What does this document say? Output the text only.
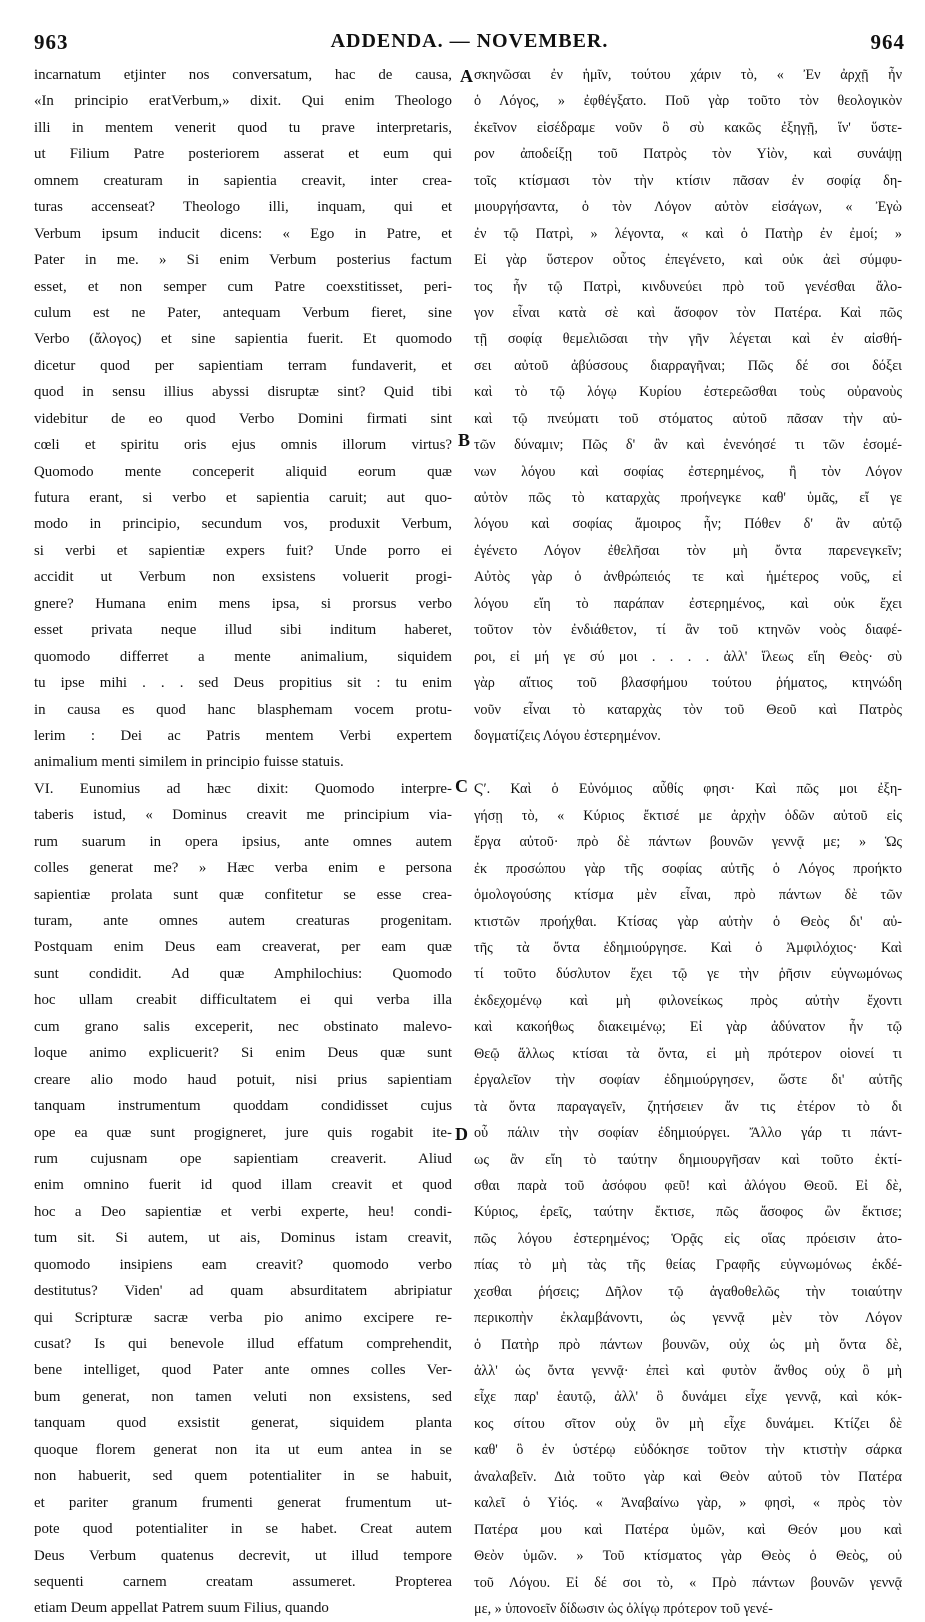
963	ADDENDA. — NOVEMBER.	964
incarnatum etjinter nos conversatum, hac de causa,
«In principio eratVerbum,» dixit. Qui enim Theologo
illi in mentem venerit quod tu prave interpretaris,
ut Filium Patre posteriorem asserat et eum qui
omnem creaturam in sapientia creavit, inter crea-
turas accenseat? Theologo illi, inquam, qui et
Verbum ipsum inducit dicens: « Ego in Patre, et
Pater in me. » Si enim Verbum posterius factum
esset, et non semper cum Patre coexstitisset, peri-
culum est ne Pater, antequam Verbum fieret, sine
Verbo (ἄλογος) et sine sapientia fuerit. Et quomodo
dicetur quod per sapientiam terram fundaverit, et
quod in sensu illius abyssi disruptæ sint? Quid tibi
videbitur de eo quod Verbo Domini firmati sint
cœli et spiritu oris ejus omnis illorum virtus?
Quomodo mente conceperit aliquid eorum quæ
futura erant, si verbo et sapientia caruit; aut quo-
modo in principio, secundum vos, produxit Verbum,
si verbi et sapientiæ expers fuit? Unde porro ei
accidit ut Verbum non exsistens voluerit progi-
gnere? Humana enim mens ipsa, si prorsus verbo
esset privata neque illud sibi inditum haberet,
quomodo differret a mente animalium, siquidem
tu ipse mihi . . . sed Deus propitius sit : tu enim
in causa es quod hanc blasphemam vocem protu-
lerim : Dei ac Patris mentem Verbi expertem
animalium menti similem in principio fuisse statuis.
VI. Eunomius ad hæc dixit: Quomodo interpre-
taberis istud, « Dominus creavit me principium via-
rum suarum in opera ipsius, ante omnes autem
colles generat me? » Hæc verba enim e persona
sapientiæ prolata sunt quæ confitetur se esse crea-
turam, ante omnes autem creaturas progenitam.
Postquam enim Deus eam creaverat, per eam quæ
sunt condidit. Ad quæ Amphilochius: Quomodo
hoc ullam creabit difficultatem ei qui verba illa
cum grano salis exceperit, nec obstinato malevo-
loque animo explicuerit? Si enim Deus quæ sunt
creare alio modo haud potuit, nisi prius sapientiam
tanquam instrumentum quoddam condidisset cujus
ope ea quæ sunt progigneret, jure quis rogabit ite-
rum cujusnam ope sapientiam creaverit. Aliud
enim omnino fuerit id quod illam creavit et quod
hoc a Deo sapientiæ et verbi experte, heu! condi-
tum sit. Si autem, ut ais, Dominus istam creavit,
quomodo insipiens eam creavit? quomodo verbo
destitutus? Viden' ad quam absurditatem abripiatur
qui Scripturæ sacræ verba pio animo excipere re-
cusat? Is qui benevole illud effatum comprehendit,
bene intelliget, quod Pater ante omnes colles Ver-
bum generat, non tamen veluti non exsistens, sed
tanquam quod exsistit generat, siquidem planta
quoque florem generat non ita ut eum antea in se
non habuerit, sed quem potentialiter in se habuit,
et pariter granum frumenti generat frumentum ut-
pote quod potentialiter in se habet. Creat autem
Deus Verbum quatenus decrevit, ut illud tempore
sequenti carnem creatam assumeret. Propterea
etiam Deum appellat Patrem suum Filius, quando
σκηνῶσαι ἐν ἡμῖν, τούτου χάριν τὸ, « Ἐν ἀρχῇ ἦν
ὁ Λόγος, » ἐφθέγξατο. Ποῦ γὰρ τοῦτο τὸν θεολογικὸν
ἐκεῖνον εἰσέδραμε νοῦν ὃ σὺ κακῶς ἐξηγῇ, ἵν' ὕστε-
ρον ἀποδείξῃ τοῦ Πατρὸς τὸν Υἱὸν, καὶ συνάψῃ
τοῖς κτίσμασι τὸν τὴν κτίσιν πᾶσαν ἐν σοφίᾳ δη-
μιουργήσαντα, ὁ τὸν Λόγον αὐτὸν εἰσάγων, « Ἐγὼ
ἐν τῷ Πατρὶ, » λέγοντα, « καὶ ὁ Πατὴρ ἐν ἐμοί; »
Εἰ γὰρ ὕστερον οὗτος ἐπεγένετο, καὶ οὐκ ἀεὶ σύμφυ-
τος ἦν τῷ Πατρὶ, κινδυνεύει πρὸ τοῦ γενέσθαι ἄλο-
γον εἶναι κατὰ σὲ καὶ ἄσοφον τὸν Πατέρα. Καὶ πῶς
τῇ σοφίᾳ θεμελιῶσαι τὴν γῆν λέγεται καὶ ἐν αἰσθή-
σει αὐτοῦ ἀβύσσους διαρραγῆναι; Πῶς δέ σοι δόξει
καὶ τὸ τῷ λόγῳ Κυρίου ἐστερεῶσθαι τοὺς οὐρανοὺς
καὶ τῷ πνεύματι τοῦ στόματος αὐτοῦ πᾶσαν τὴν αὐ-
τῶν δύναμιν; Πῶς δ' ἂν καὶ ἐνενόησέ τι τῶν ἐσομέ-
νων λόγου καὶ σοφίας ἐστερημένος, ἢ τὸν Λόγον
αὐτὸν πῶς τὸ καταρχὰς προήνεγκε καθ' ὑμᾶς, εἴ γε
λόγου καὶ σοφίας ἄμοιρος ἦν; Πόθεν δ' ἂν αὐτῷ
ἐγένετο Λόγον ἐθελῆσαι τὸν μὴ ὄντα παρενεγκεῖν;
Αὐτὸς γὰρ ὁ ἀνθρώπειός τε καὶ ἡμέτερος νοῦς, εἰ
λόγου εἴη τὸ παράπαν ἐστερημένος, καὶ οὐκ ἔχει
τοῦτον τὸν ἐνδιάθετον, τί ἂν τοῦ κτηνῶν νοὸς διαφέ-
ροι, εἰ μή γε σύ μοι . . . . ἀλλ' ἵλεως εἴη Θεὸς· σὺ
γὰρ αἴτιος τοῦ βλασφήμου τούτου ῥήματος, κτηνώδη
νοῦν εἶναι τὸ καταρχὰς τὸν τοῦ Θεοῦ καὶ Πατρὸς
δογματίζεις Λόγου ἐστερημένον.
Ϛʹ. Καὶ ὁ Εὐνόμιος αὖθίς φησι· Καὶ πῶς μοι ἐξη-
γήσῃ τὸ, « Κύριος ἔκτισέ με ἀρχὴν ὁδῶν αὐτοῦ εἰς
ἔργα αὐτοῦ· πρὸ δὲ πάντων βουνῶν γεννᾷ με; » Ὡς
ἐκ προσώπου γὰρ τῆς σοφίας αὐτῆς ὁ Λόγος προήκτο
ὁμολογούσης κτίσμα μὲν εἶναι, πρὸ πάντων δὲ τῶν
κτιστῶν προήχθαι. Κτίσας γὰρ αὐτὴν ὁ Θεὸς δι' αὐ-
τῆς τὰ ὄντα ἐδημιούργησε. Καὶ ὁ Ἀμφιλόχιος· Καὶ
τί τοῦτο δύσλυτον ἔχει τῷ γε τὴν ῥῆσιν εὐγνωμόνως
ἐκδεχομένῳ καὶ μὴ φιλονείκως πρὸς αὐτὴν ἔχοντι
καὶ κακοήθως διακειμένῳ; Εἰ γὰρ ἀδύνατον ἦν τῷ
Θεῷ ἄλλως κτίσαι τὰ ὄντα, εἰ μὴ πρότερον οἱονεί τι
ἐργαλεῖον τὴν σοφίαν ἐδημιούργησεν, ὥστε δι' αὐτῆς
τὰ ὄντα παραγαγεῖν, ζητήσειεν ἄν τις ἐτέρον τὸ δι
οὗ πάλιν τὴν σοφίαν ἐδημιούργει. Ἄλλο γάρ τι πάντ-
ως ἂν εἴη τὸ ταύτην δημιουργῆσαν καὶ τοῦτο ἐκτί-
σθαι παρὰ τοῦ ἀσόφου φεῦ! καὶ ἀλόγου Θεοῦ. Εἰ δὲ,
Κύριος, ἐρεῖς, ταύτην ἔκτισε, πῶς ἄσοφος ὢν ἔκτισε;
πῶς λόγου ἐστερημένος; Ὁρᾷς εἰς οἵας πρόεισιν ἀτο-
πίας τὸ μὴ τὰς τῆς θείας Γραφῆς εὐγνωμόνως ἐκδέ-
χεσθαι ῥήσεις; Δῆλον τῷ ἀγαθοθελῶς τὴν τοιαύτην
περικοπὴν ἐκλαμβάνοντι, ὡς γεννᾷ μὲν τὸν Λόγον
ὁ Πατὴρ πρὸ πάντων βουνῶν, οὐχ ὡς μὴ ὄντα δὲ,
ἀλλ' ὡς ὄντα γεννᾷ· ἐπεὶ καὶ φυτὸν ἄνθος οὐχ ὃ μὴ
εἶχε παρ' ἑαυτῷ, ἀλλ' ὃ δυνάμει εἶχε γεννᾷ, καὶ κόκ-
κος σίτου σῖτον οὐχ ὃν μὴ εἶχε δυνάμει. Κτίζει δὲ
καθ' ὃ ἐν ὑστέρῳ εὐδόκησε τοῦτον τὴν κτιστὴν σάρκα
ἀναλαβεῖν. Διὰ τοῦτο γὰρ καὶ Θεὸν αὐτοῦ τὸν Πατέρα
καλεῖ ὁ Υἱός. « Ἀναβαίνω γὰρ, » φησὶ, « πρὸς τὸν
Πατέρα μου καὶ Πατέρα ὑμῶν, καὶ Θεόν μου καὶ
Θεὸν ὑμῶν. » Τοῦ κτίσματος γὰρ Θεὸς ὁ Θεὸς, οὐ
τοῦ Λόγου. Εἰ δέ σοι τὸ, « Πρὸ πάντων βουνῶν γεννᾷ
με, » ὑπονοεῖν δίδωσιν ὡς ὀλίγῳ πρότερον τοῦ γενέ-
A
B
C
D
